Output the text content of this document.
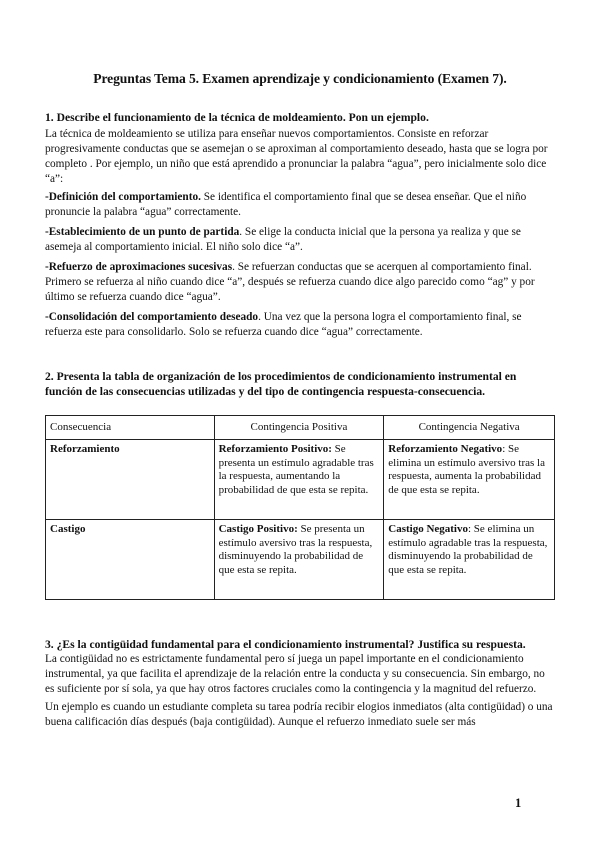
Preguntas Tema 5. Examen aprendizaje y condicionamiento (Examen 7).

1. Describe el funcionamiento de la técnica de moldeamiento. Pon un ejemplo.

La técnica de moldeamiento se utiliza para enseñar nuevos comportamientos. Consiste en reforzar progresivamente conductas que se asemejan o se aproximan al comportamiento deseado, hasta que se logra por completo . Por ejemplo, un niño que está aprendido a pronunciar la palabra “agua”, pero inicialmente solo dice “a”:

-Definición del comportamiento. Se identifica el comportamiento final que se desea enseñar. Que el niño pronuncie la palabra “agua” correctamente.

-Establecimiento de un punto de partida. Se elige la conducta inicial que la persona ya realiza y que se asemeja al comportamiento inicial. El niño solo dice “a”.

-Refuerzo de aproximaciones sucesivas. Se refuerzan conductas que se acerquen al comportamiento final. Primero se refuerza al niño cuando dice “a”, después se refuerza cuando dice algo parecido como “ag” y por último se refuerza cuando dice “agua”.

-Consolidación del comportamiento deseado. Una vez que la persona logra el comportamiento final, se refuerza este para consolidarlo. Solo se refuerza cuando dice “agua” correctamente.

2. Presenta la tabla de organización de los procedimientos de condicionamiento instrumental en función de las consecuencias utilizadas y del tipo de contingencia respuesta-consecuencia.

Consecuencia	Contingencia Positiva	Contingencia Negativa
Reforzamiento	Reforzamiento Positivo: Se presenta un estímulo agradable tras la respuesta, aumentando la probabilidad de que esta se repita.	Reforzamiento Negativo: Se elimina un estímulo aversivo tras la respuesta, aumenta la probabilidad de que esta se repita.
Castigo	Castigo Positivo: Se presenta un estímulo aversivo tras la respuesta, disminuyendo la probabilidad de que esta se repita.	Castigo Negativo: Se elimina un estímulo agradable tras la respuesta, disminuyendo la probabilidad de que esta se repita.

3. ¿Es la contigüidad fundamental para el condicionamiento instrumental? Justifica su respuesta.

La contigüidad no es estrictamente fundamental pero sí juega un papel importante en el condicionamiento instrumental, ya que facilita el aprendizaje de la relación entre la conducta y su consecuencia. Sin embargo, no es suficiente por sí sola, ya que hay otros factores cruciales como la contingencia y la magnitud del refuerzo.

Un ejemplo es cuando un estudiante completa su tarea podría recibir elogios inmediatos (alta contigüidad) o una buena calificación días después (baja contigüidad). Aunque el refuerzo inmediato suele ser más

1
